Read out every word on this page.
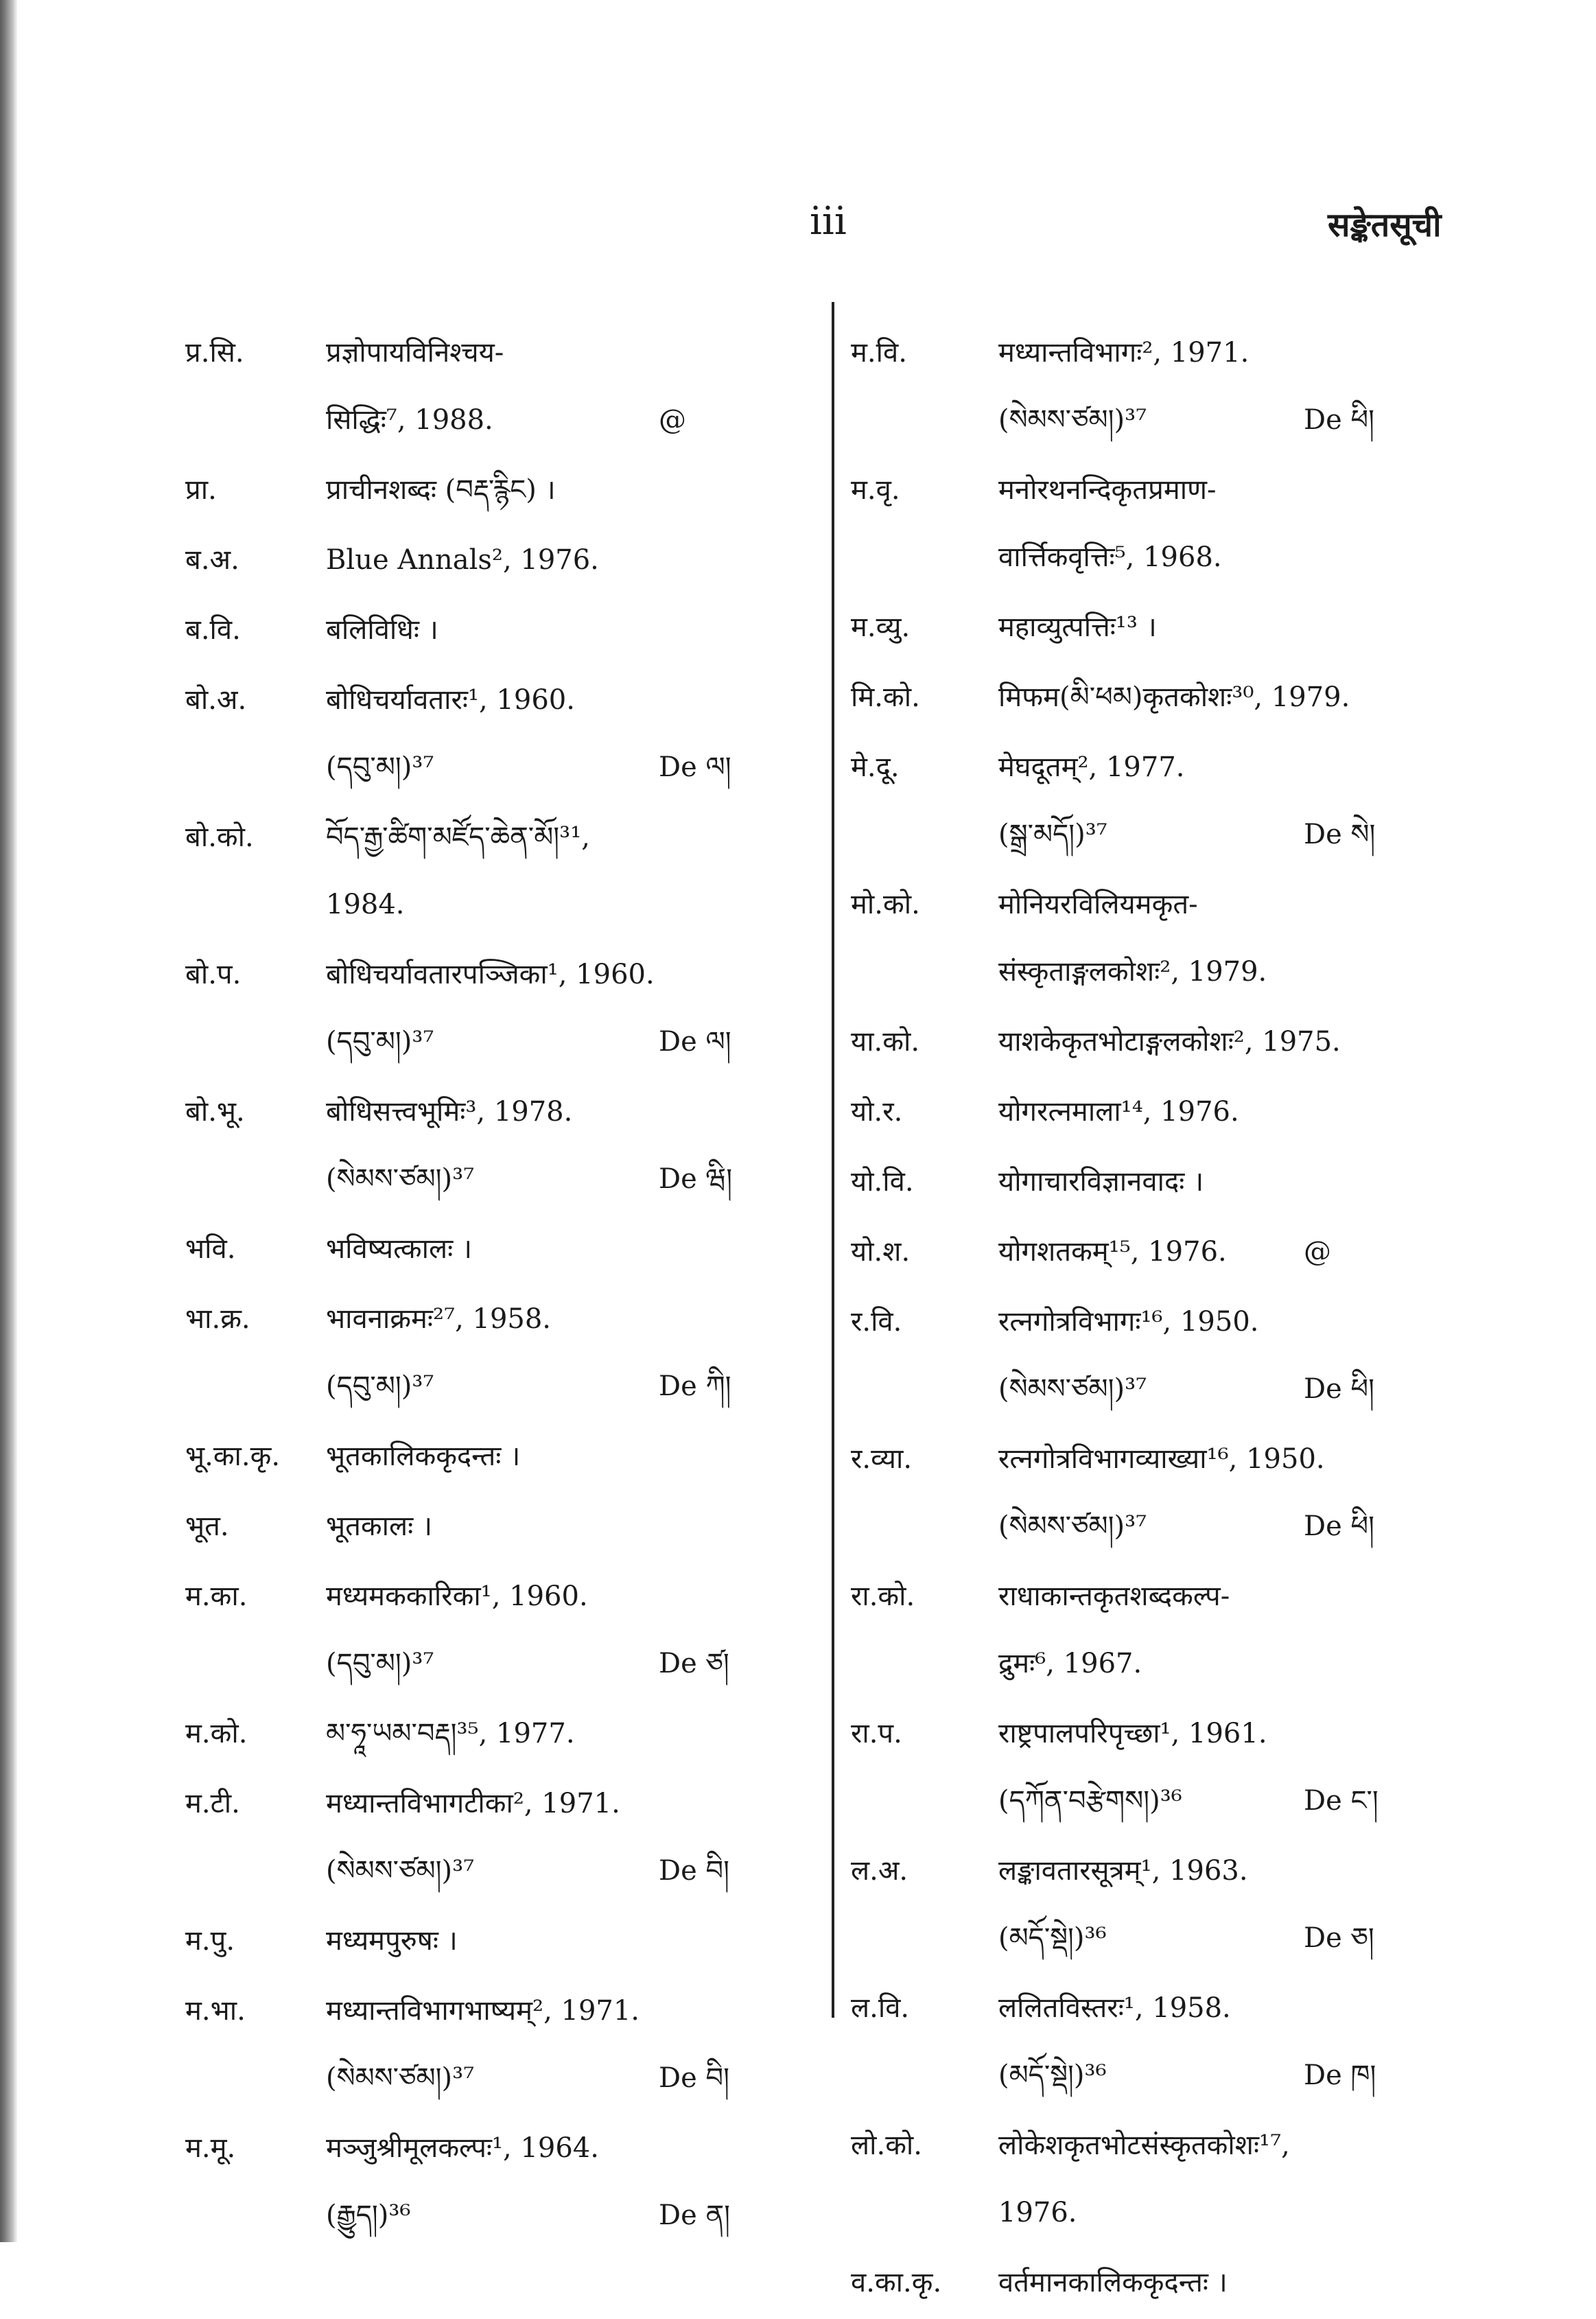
iii	सङ्केतसूची
प्र.सि.	प्रज्ञोपायविनिश्चय-
सिद्धिः⁷, 1988.	@
प्रा.	प्राचीनशब्दः (བརྡ་རྙིང) ।
ब.अ.	Blue Annals², 1976.
ब.वि.	बलिविधिः ।
बो.अ.	बोधिचर्यावतारः¹, 1960.
(དབུ་མ།)³⁷	De ལ།
बो.को.	བོད་རྒྱ་ཚིག་མཛོད་ཆེན་མོ།³¹,
1984.
बो.प.	बोधिचर्यावतारपञ्जिका¹, 1960.
(དབུ་མ།)³⁷	De ལ།
बो.भू.	बोधिसत्त्वभूमिः³, 1978.
(སེམས་ཙམ།)³⁷	De ཝི།
भवि.	भविष्यत्कालः ।
भा.क्र.	भावनाक्रमः²⁷, 1958.
(དབུ་མ།)³⁷	De ཀི།
भू.का.कृ. भूतकालिककृदन्तः ।
भूत.	भूतकालः ।
म.का.	मध्यमककारिका¹, 1960.
(དབུ་མ།)³⁷	De ཙ།
म.को.	མ་ཧཱ་ཡམ་བརྡ།³⁵, 1977.
म.टी.	मध्यान्तविभागटीका², 1971.
(སེམས་ཙམ།)³⁷	De བི།
म.पु.	मध्यमपुरुषः ।
म.भा.	मध्यान्तविभागभाष्यम्², 1971.
(སེམས་ཙམ།)³⁷	De བི།
म.मू.	मञ्जुश्रीमूलकल्पः¹, 1964.
(རྒྱུད།)³⁶	De ན།
म.वि.	मध्यान्तविभागः², 1971.
(སེམས་ཙམ།)³⁷	De ཕི།
म.वृ.	मनोरथनन्दिकृतप्रमाण-
वार्त्तिकवृत्तिः⁵, 1968.
म.व्यु.	महाव्युत्पत्तिः¹³ ।
मि.को.	मिफम(མི་ཕམ)कृतकोशः³⁰, 1979.
मे.दू.	मेघदूतम्², 1977.
(སྒྲ་མདོ།)³⁷	De སེ།
मो.को.	मोनियरविलियमकृत-
संस्कृताङ्गलकोशः², 1979.
या.को.	याशकेकृतभोटाङ्गलकोशः², 1975.
यो.र.	योगरत्नमाला¹⁴, 1976.
यो.वि.	योगाचारविज्ञानवादः ।
यो.श.	योगशतकम्¹⁵, 1976.	@
र.वि.	रत्नगोत्रविभागः¹⁶, 1950.
(སེམས་ཙམ།)³⁷	De ཕི།
र.व्या.	रत्नगोत्रविभागव्याख्या¹⁶, 1950.
(སེམས་ཙམ།)³⁷	De ཕི།
रा.को.	राधाकान्तकृतशब्दकल्प-
द्रुमः⁶, 1967.
रा.प.	राष्ट्रपालपरिपृच्छा¹, 1961.
(དཀོན་བརྩེགས།)³⁶	De ང་།
ल.अ.	लङ्कावतारसूत्रम्¹, 1963.
(མདོ་སྡེ།)³⁶	De ཅ།
ल.वि.	ललितविस्तरः¹, 1958.
(མདོ་སྡེ།)³⁶	De ཁ།
लो.को.	लोकेशकृतभोटसंस्कृतकोशः¹⁷,
1976.
व.का.कृ. वर्तमानकालिककृदन्तः ।
